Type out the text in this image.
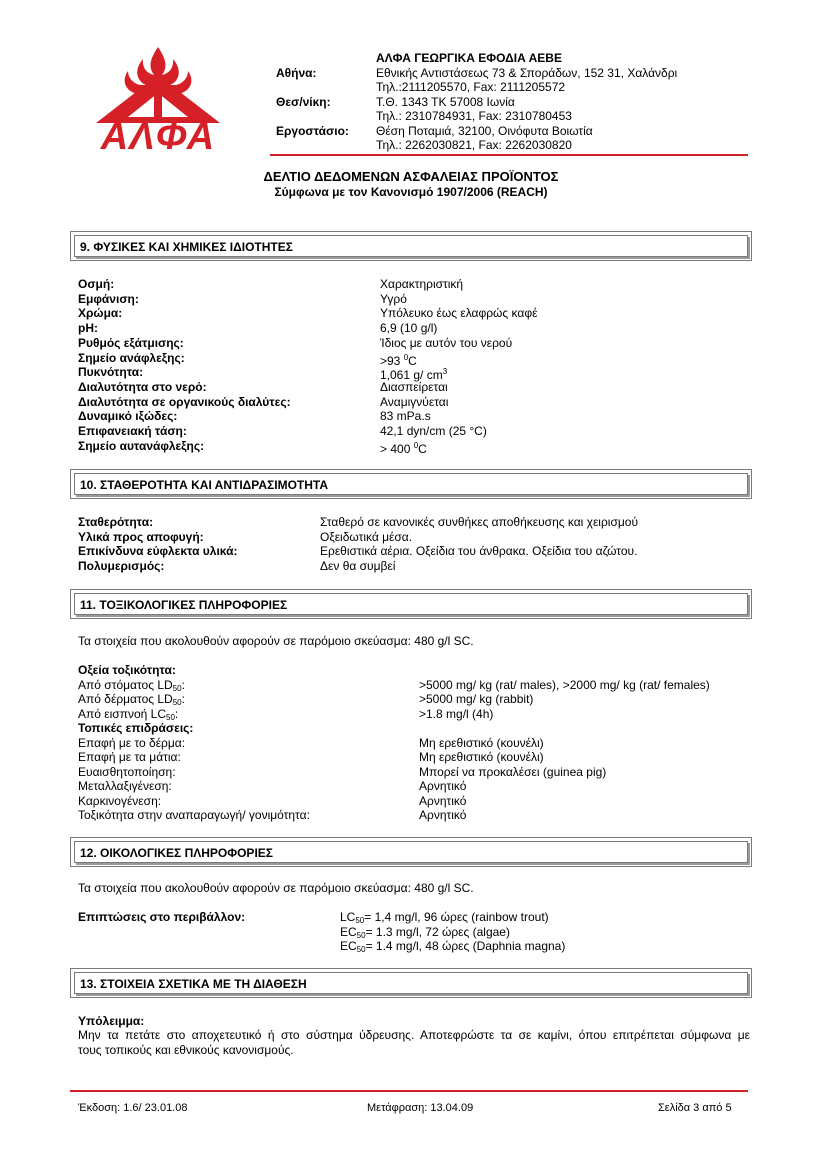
ΑΛΦΑ
ΑΛΦΑ ΓΕΩΡΓΙΚΑ ΕΦΟΔΙΑ ΑΕΒΕ
Αθήνα:	Εθνικής Αντιστάσεως 73 & Σποράδων, 152 31, Χαλάνδρι
Τηλ.:2111205570, Fax: 2111205572
Θεσ/νίκη:	Τ.Θ. 1343 ΤΚ 57008 Ιωνία
Τηλ.: 2310784931, Fax: 2310780453
Εργοστάσιο: Θέση Ποταμιά, 32100, Οινόφυτα Βοιωτία
Τηλ.: 2262030821, Fax: 2262030820
ΔΕΛΤΙΟ ΔΕΔΟΜΕΝΩΝ ΑΣΦΑΛΕΙΑΣ ΠΡΟΪΟΝΤΟΣ
Σύμφωνα με τον Κανονισμό 1907/2006 (REACH)
9. ΦΥΣΙΚΕΣ ΚΑΙ ΧΗΜΙΚΕΣ ΙΔΙΟΤΗΤΕΣ
Οσμή:	Χαρακτηριστική
Εμφάνιση:	Υγρό
Χρώμα:	Υπόλευκο έως ελαφρώς καφέ
pH:	6,9 (10 g/l)
Ρυθμός εξάτμισης:	Ίδιος με αυτόν του νερού
Σημείο ανάφλεξης:	>93 $^0$C
Πυκνότητα:	1,061 g/ $cm^3$
Διαλυτότητα στο νερό:	Διασπείρεται
Διαλυτότητα σε οργανικούς διαλύτες:	Αναμιγνύεται
Δυναμικό ιξώδες:	83 mPa.s
Επιφανειακή τάση:	42,1 dyn/cm (25 °C)
Σημείο αυτανάφλεξης:	> 400 $^0$C
10. ΣΤΑΘΕΡΟΤΗΤΑ ΚΑΙ ΑΝΤΙΔΡΑΣΙΜΟΤΗΤΑ
Σταθερότητα:	Σταθερό σε κανονικές συνθήκες αποθήκευσης και χειρισμού
Υλικά προς αποφυγή:	Οξειδωτικά μέσα.
Επικίνδυνα εύφλεκτα υλικά:	Ερεθιστικά αέρια. Οξείδια του άνθρακα. Οξείδια του αζώτου.
Πολυμερισμός:	Δεν θα συμβεί
11. ΤΟΞΙΚΟΛΟΓΙΚΕΣ ΠΛΗΡΟΦΟΡΙΕΣ
Τα στοιχεία που ακολουθούν αφορούν σε παρόμοιο σκεύασμα: 480 g/l SC.
Οξεία τοξικότητα:
Από στόματος $LD_{50}$:	>5000 mg/ kg (rat/ males), >2000 mg/ kg (rat/ females)
Από δέρματος $LD_{50}$:	>5000 mg/ kg (rabbit)
Από εισπνοή $LC_{50}$:	>1.8 mg/l (4h)
Τοπικές επιδράσεις:
Επαφή με το δέρμα:	Μη ερεθιστικό (κουνέλι)
Επαφή με τα μάτια:	Μη ερεθιστικό (κουνέλι)
Ευαισθητοποίηση:	Μπορεί να προκαλέσει (guinea pig)
Μεταλλαξιγένεση:	Αρνητικό
Καρκινογένεση:	Αρνητικό
Τοξικότητα στην αναπαραγωγή/ γονιμότητα:	Αρνητικό
12. ΟΙΚΟΛΟΓΙΚΕΣ ΠΛΗΡΟΦΟΡΙΕΣ
Τα στοιχεία που ακολουθούν αφορούν σε παρόμοιο σκεύασμα: 480 g/l SC.
Επιπτώσεις στο περιβάλλον:	$LC_{50}= 1,4$ mg/l, 96 ώρες (rainbow trout)
$EC_{50}= 1.3$ mg/l, 72 ώρες (algae)
$EC_{50}= 1.4$ mg/l, 48 ώρες (Daphnia magna)
13. ΣΤΟΙΧΕΙΑ ΣΧΕΤΙΚΑ ΜΕ ΤΗ ΔΙΑΘΕΣΗ
Υπόλειμμα:
Μην τα πετάτε στο αποχετευτικό ή στο σύστημα ύδρευσης. Αποτεφρώστε τα σε καμίνι, όπου επιτρέπεται σύμφωνα με
τους τοπικούς και εθνικούς κανονισμούς.
Έκδοση: 1.6/ 23.01.08	Μετάφραση: 13.04.09	Σελίδα 3 από 5
